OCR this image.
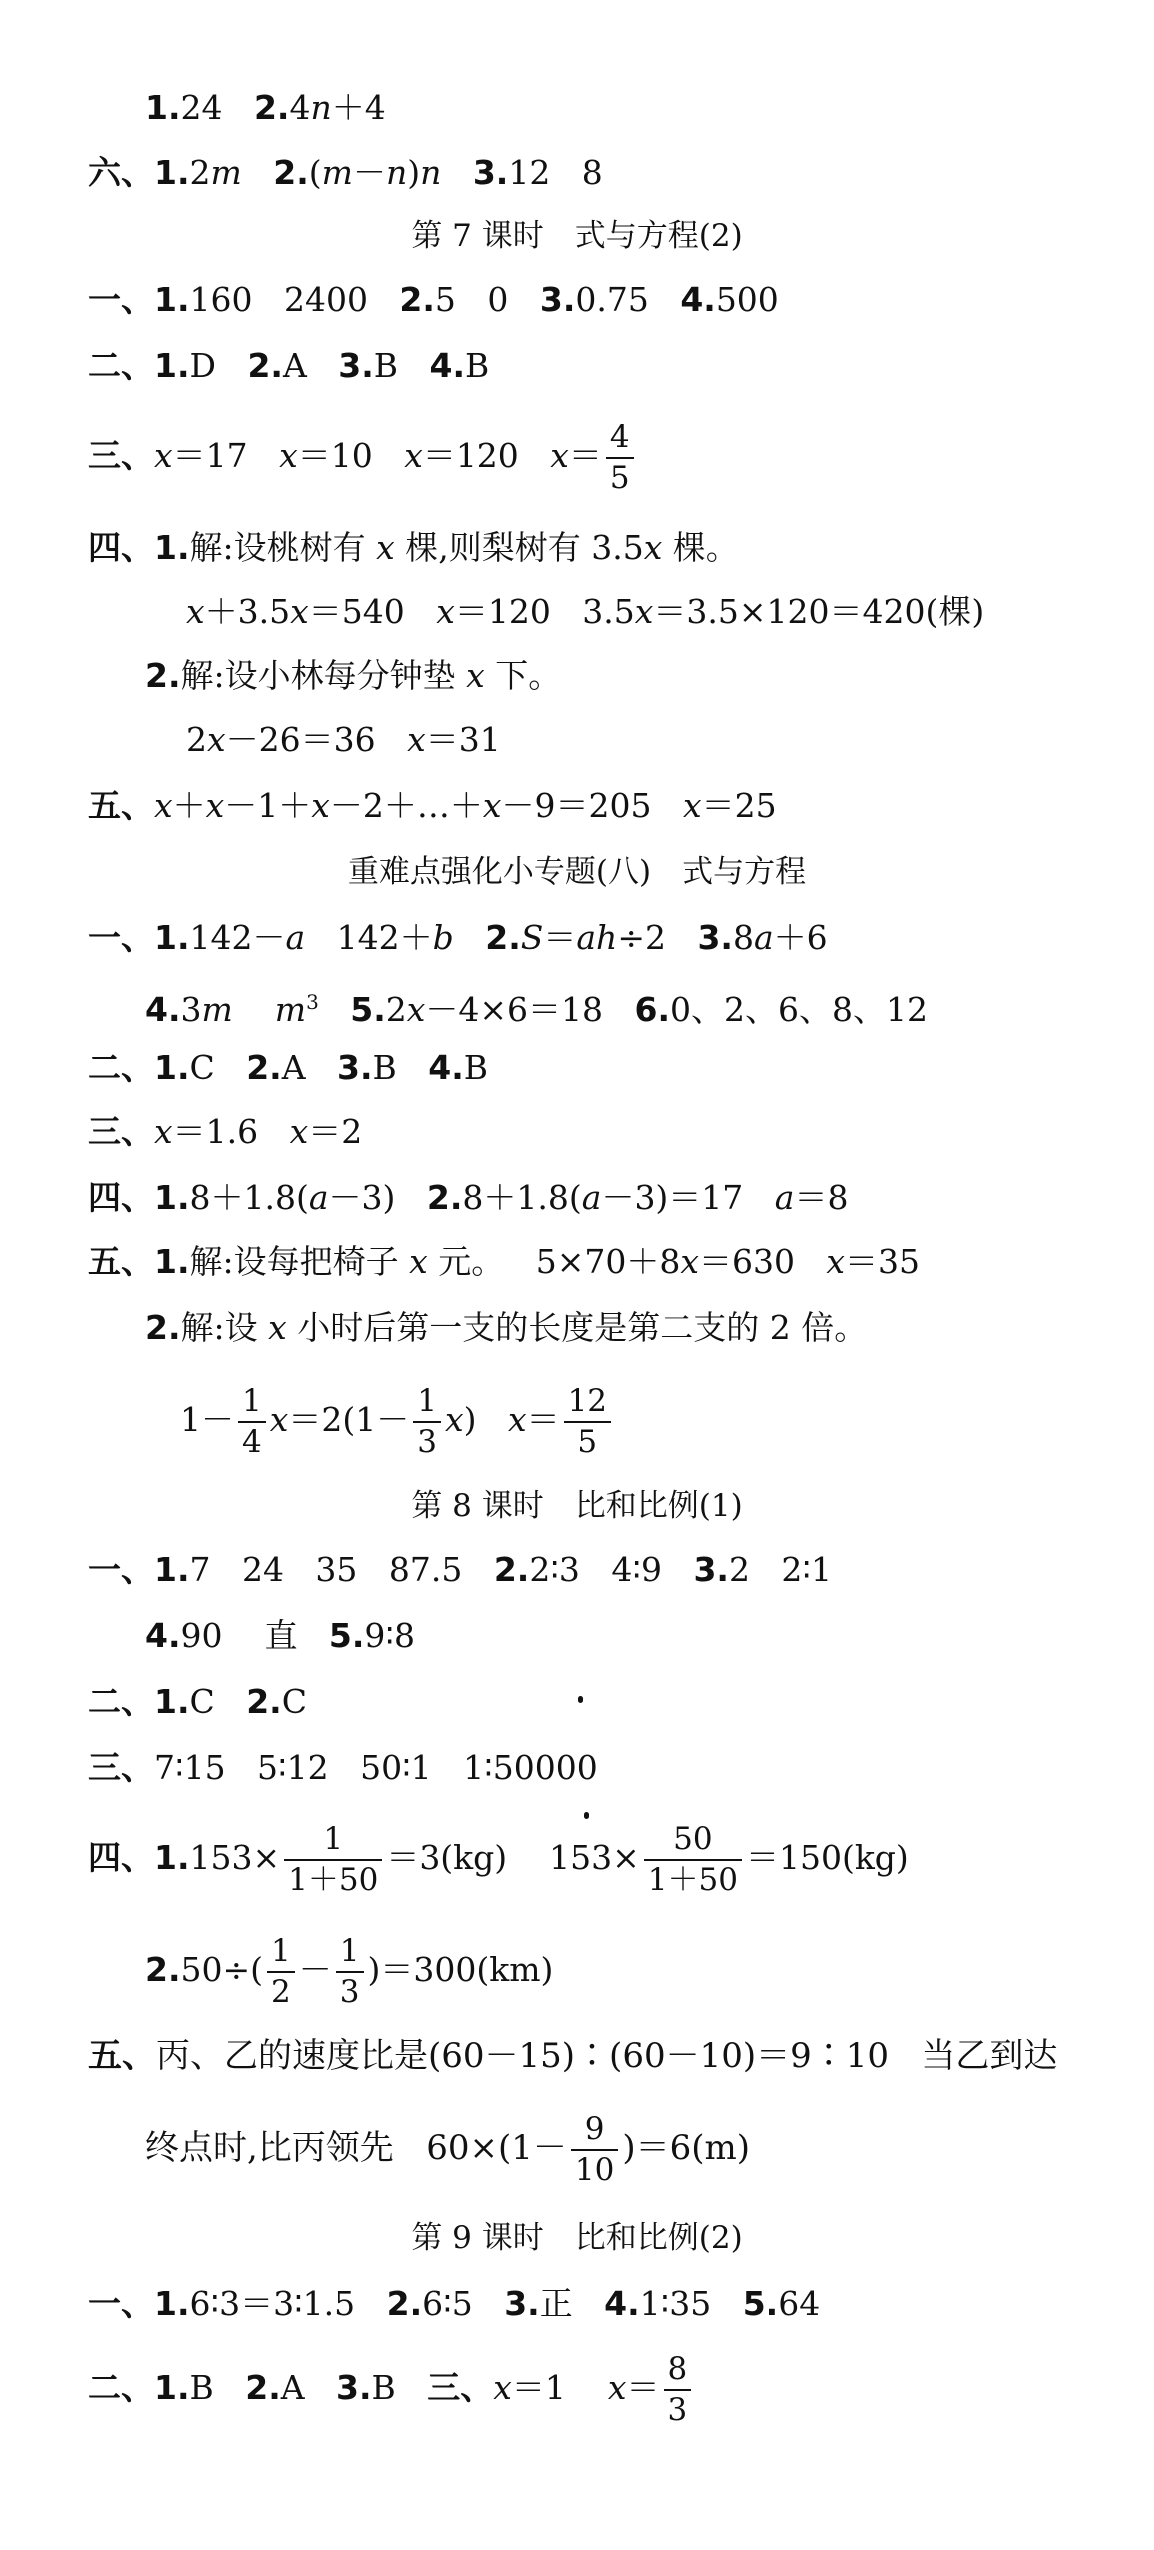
1.24   2.4n＋4
六、1.2m 2.(m－n)n 3.12   8
第 7 课时　式与方程(2)
一、1.160   2400   2.5   0   3.0.75   4.500
二、1.D   2.A   3.B   4.B
三、x＝17   x＝10   x＝120   $x= \frac{4}{5}$
四、1.解:设桃树有 x 棵,则梨树有 3.5x 棵。
x＋3.5x＝540   x＝120   3.5x＝3.5×120＝420(棵)
2.解:设小林每分钟垫 x 下。
2x－26＝36   x＝31
五、x＋x－1＋x－2＋…＋x－9＝205   x＝25
重难点强化小专题(八)　式与方程
一、1.142－a   142＋b 2.S＝ah÷2   3.8a＋6
4.3m $m^3$ 5.2x－4×6＝18   6.0、2、6、8、12
二、1.C   2.A   3.B   4.B
三、x＝1.6   x＝2
四、1.8＋1.8(a－3)   2.8＋1.8(a－3)＝17   a＝8
五、1.解:设每把椅子 x 元。   5×70＋8x＝630   x＝35
2.解:设 x 小时后第一支的长度是第二支的 2 倍。
$1- \frac{1}{4} x=2(1- \frac{1}{3} x)$   $x= \frac{12}{5}$
第 8 课时　比和比例(1)
一、1.7   24   35   87.5   2.2∶3   4∶9   3.2   2∶1
4.90    直   5.9∶8
二、1.C   2.C
三、7∶15   5∶12   50∶1   1∶50000
四、$1.153\times \frac{1}{1+50} =3(kg)$    $153\times \frac{50}{1+50} =150(kg)$
$2.50\div( \frac{1}{2} - \frac{1}{3} )=300(km)$
五、丙、乙的速度比是(60－15)∶(60－10)＝9∶10   当乙到达
终点时,比丙领先   $60\times(1- \frac{9}{10} )=6(m)$
第 9 课时　比和比例(2)
一、1.6∶3＝3∶1.5   2.6∶5   3.正   4.1∶35   5.64
二、1.B   2.A   3.B   三、x＝1    $x= \frac{8}{3}$
